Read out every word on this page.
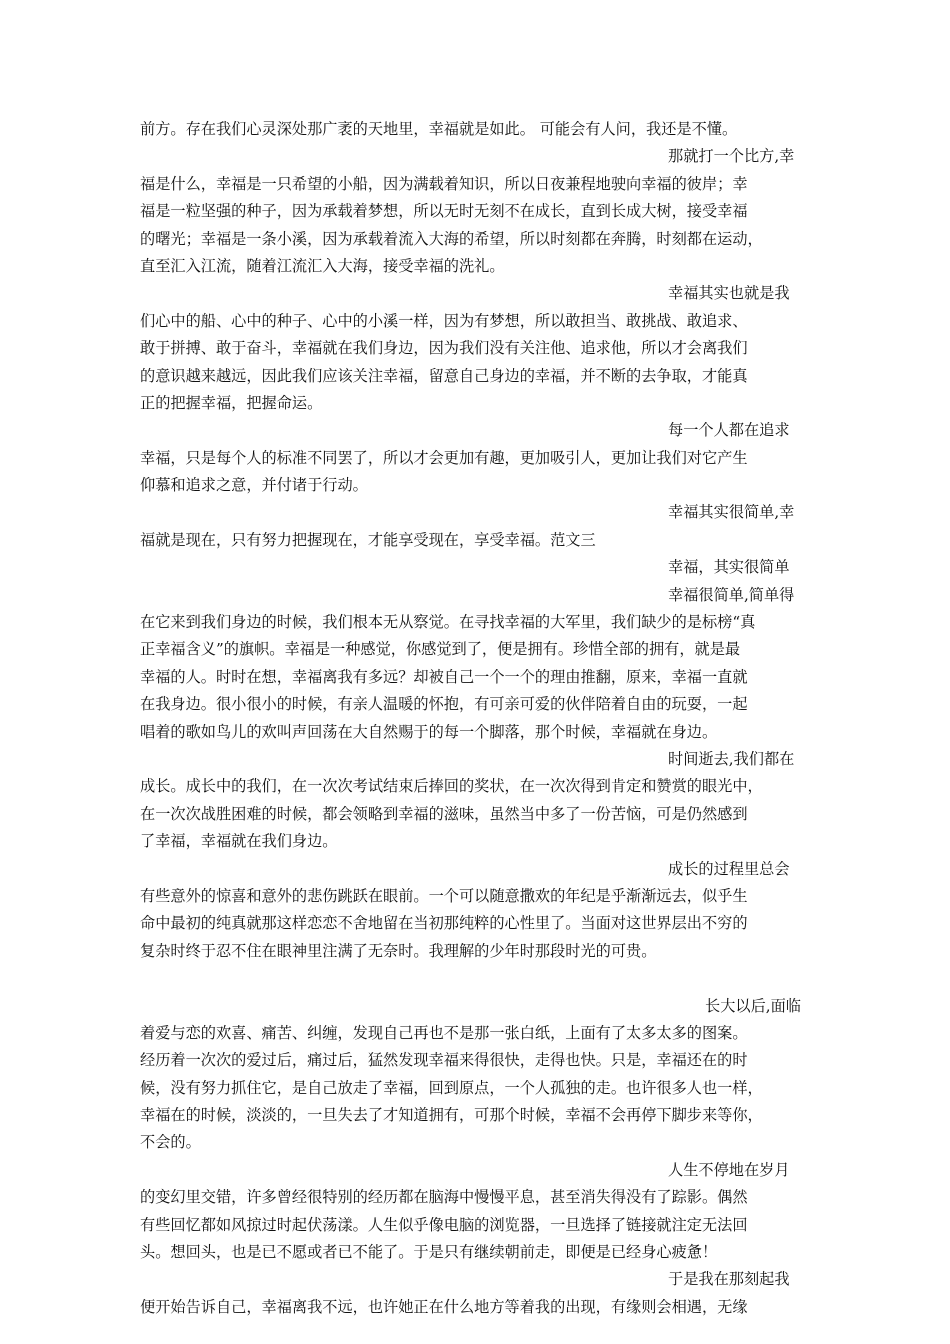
前方。存在我们心灵深处那广袤的天地里，幸福就是如此。 可能会有人问，我还是不懂。
那就打一个比方,幸
福是什么，幸福是一只希望的小船，因为满载着知识，所以日夜兼程地驶向幸福的彼岸；幸
福是一粒坚强的种子，因为承载着梦想，所以无时无刻不在成长，直到长成大树，接受幸福
的曙光；幸福是一条小溪，因为承载着流入大海的希望，所以时刻都在奔腾，时刻都在运动，
直至汇入江流，随着江流汇入大海，接受幸福的洗礼。
幸福其实也就是我
们心中的船、心中的种子、心中的小溪一样，因为有梦想，所以敢担当、敢挑战、敢追求、
敢于拼搏、敢于奋斗，幸福就在我们身边，因为我们没有关注他、追求他，所以才会离我们
的意识越来越远，因此我们应该关注幸福，留意自己身边的幸福，并不断的去争取，才能真
正的把握幸福，把握命运。
每一个人都在追求
幸福，只是每个人的标准不同罢了，所以才会更加有趣，更加吸引人，更加让我们对它产生
仰慕和追求之意，并付诸于行动。
幸福其实很简单,幸
福就是现在，只有努力把握现在，才能享受现在，享受幸福。范文三
幸福，其实很简单
幸福很简单,简单得
在它来到我们身边的时候，我们根本无从察觉。在寻找幸福的大军里，我们缺少的是标榜“真
正幸福含义”的旗帜。幸福是一种感觉，你感觉到了，便是拥有。珍惜全部的拥有，就是最
幸福的人。时时在想，幸福离我有多远？却被自己一个一个的理由推翻，原来，幸福一直就
在我身边。很小很小的时候，有亲人温暖的怀抱，有可亲可爱的伙伴陪着自由的玩耍，一起
唱着的歌如鸟儿的欢叫声回荡在大自然赐于的每一个脚落，那个时候，幸福就在身边。
时间逝去,我们都在
成长。成长中的我们，在一次次考试结束后捧回的奖状，在一次次得到肯定和赞赏的眼光中，
在一次次战胜困难的时候，都会领略到幸福的滋味，虽然当中多了一份苦恼，可是仍然感到
了幸福，幸福就在我们身边。
成长的过程里总会
有些意外的惊喜和意外的悲伤跳跃在眼前。一个可以随意撒欢的年纪是乎渐渐远去，似乎生
命中最初的纯真就那这样恋恋不舍地留在当初那纯粹的心性里了。当面对这世界层出不穷的
复杂时终于忍不住在眼神里注满了无奈时。我理解的少年时那段时光的可贵。
长大以后,面临
着爱与恋的欢喜、痛苦、纠缠，发现自己再也不是那一张白纸，上面有了太多太多的图案。
经历着一次次的爱过后，痛过后，猛然发现幸福来得很快，走得也快。只是，幸福还在的时
候，没有努力抓住它，是自己放走了幸福，回到原点，一个人孤独的走。也许很多人也一样，
幸福在的时候，淡淡的，一旦失去了才知道拥有，可那个时候，幸福不会再停下脚步来等你，
不会的。
人生不停地在岁月
的变幻里交错，许多曾经很特别的经历都在脑海中慢慢平息，甚至消失得没有了踪影。偶然
有些回忆都如风掠过时起伏荡漾。人生似乎像电脑的浏览器，一旦选择了链接就注定无法回
头。想回头，也是已不愿或者已不能了。于是只有继续朝前走，即便是已经身心疲惫！
于是我在那刻起我
便开始告诉自己，幸福离我不远，也许她正在什么地方等着我的出现，有缘则会相遇，无缘
